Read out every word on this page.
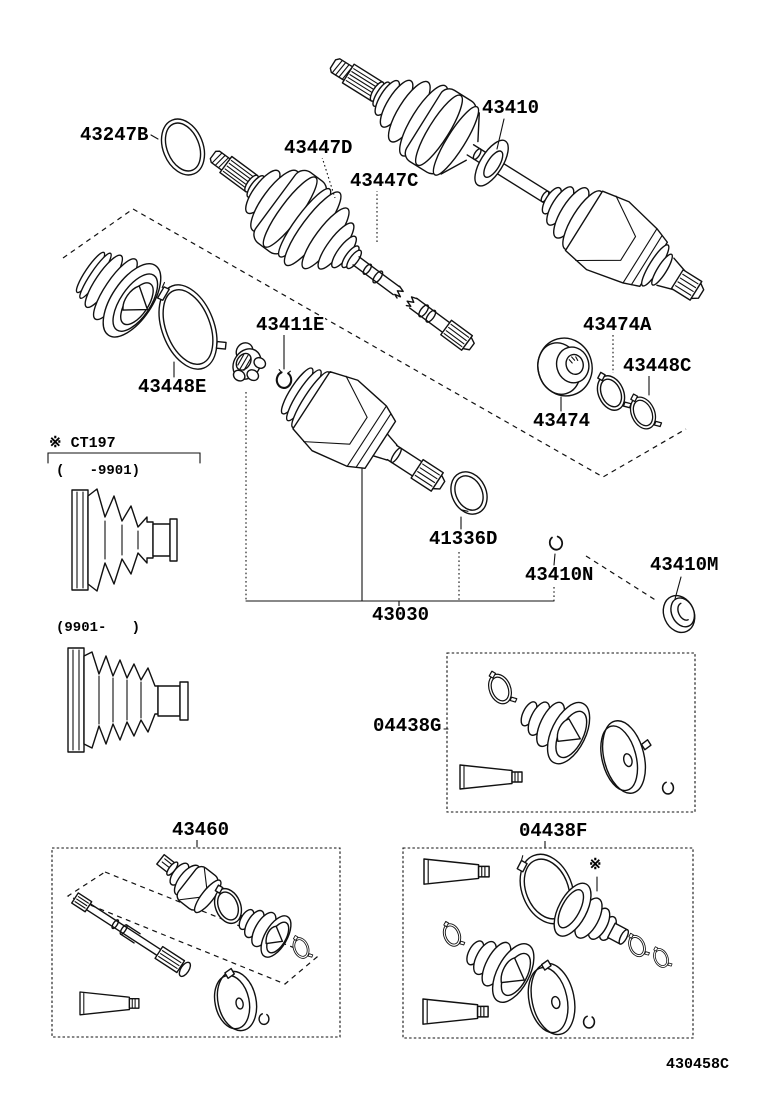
43247B
43447D
43447C
43410
43411E
43448E
43474A
43448C
43474
41336D
43410N	43410M
43030
04438G
43460	04438F
※ CT197
(   -9901)
(9901-   )
※
430458C
